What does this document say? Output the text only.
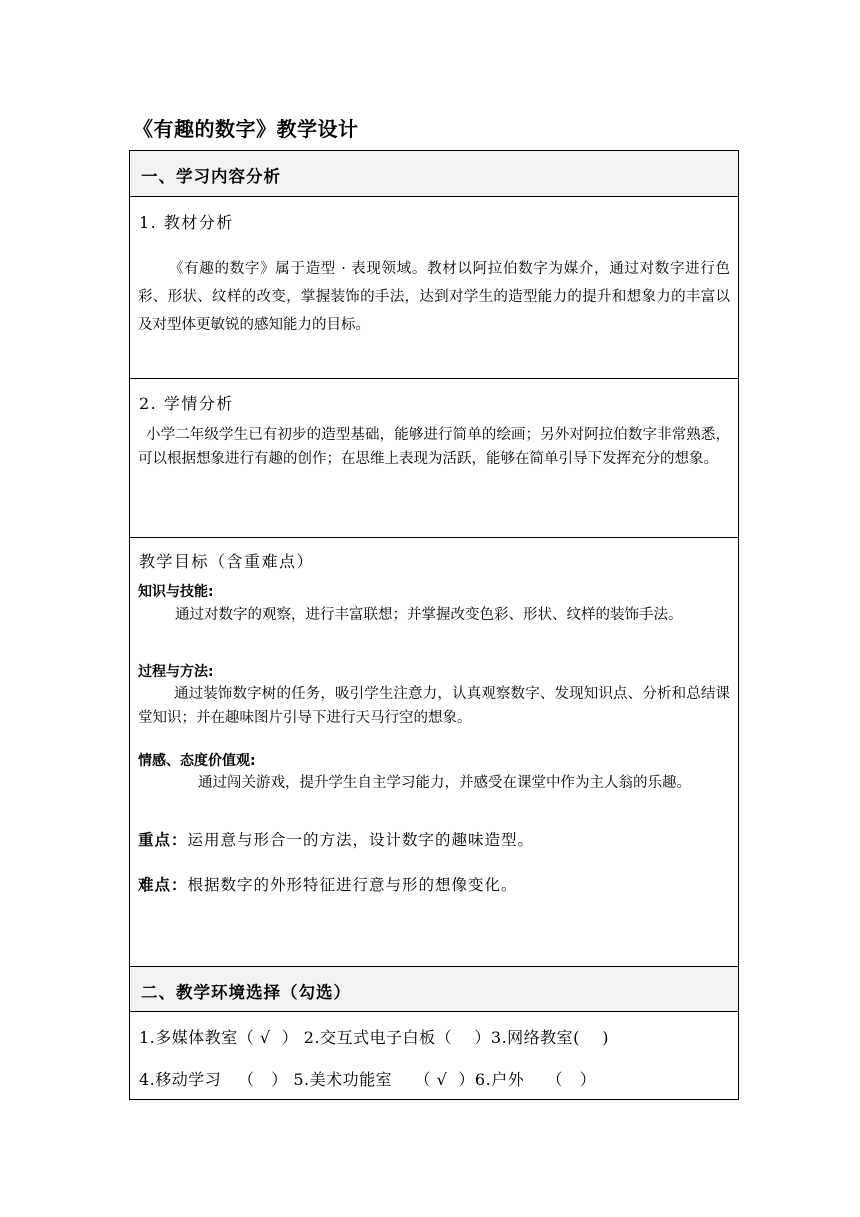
《有趣的数字》教学设计
一、学习内容分析
1. 教材分析
《有趣的数字》属于造型 · 表现领域。教材以阿拉伯数字为媒介，通过对数字进行色彩、形状、纹样的改变，掌握装饰的手法，达到对学生的造型能力的提升和想象力的丰富以及对型体更敏锐的感知能力的目标。
2. 学情分析
小学二年级学生已有初步的造型基础，能够进行简单的绘画；另外对阿拉伯数字非常熟悉，可以根据想象进行有趣的创作；在思维上表现为活跃，能够在简单引导下发挥充分的想象。
教学目标（含重难点）
知识与技能:
通过对数字的观察，进行丰富联想；并掌握改变色彩、形状、纹样的装饰手法。
过程与方法:
通过装饰数字树的任务，吸引学生注意力，认真观察数字、发现知识点、分析和总结课堂知识；并在趣味图片引导下进行天马行空的想象。
情感、态度价值观:
通过闯关游戏，提升学生自主学习能力，并感受在课堂中作为主人翁的乐趣。
重点：运用意与形合一的方法，设计数字的趣味造型。
难点：根据数字的外形特征进行意与形的想像变化。
二、教学环境选择（勾选）
1.多媒体教室（ √  ） 2.交互式电子白板（    ）3.网络教室(    )
4.移动学习   （   ） 5.美术功能室    （ √  ）6.户外    （   ）
